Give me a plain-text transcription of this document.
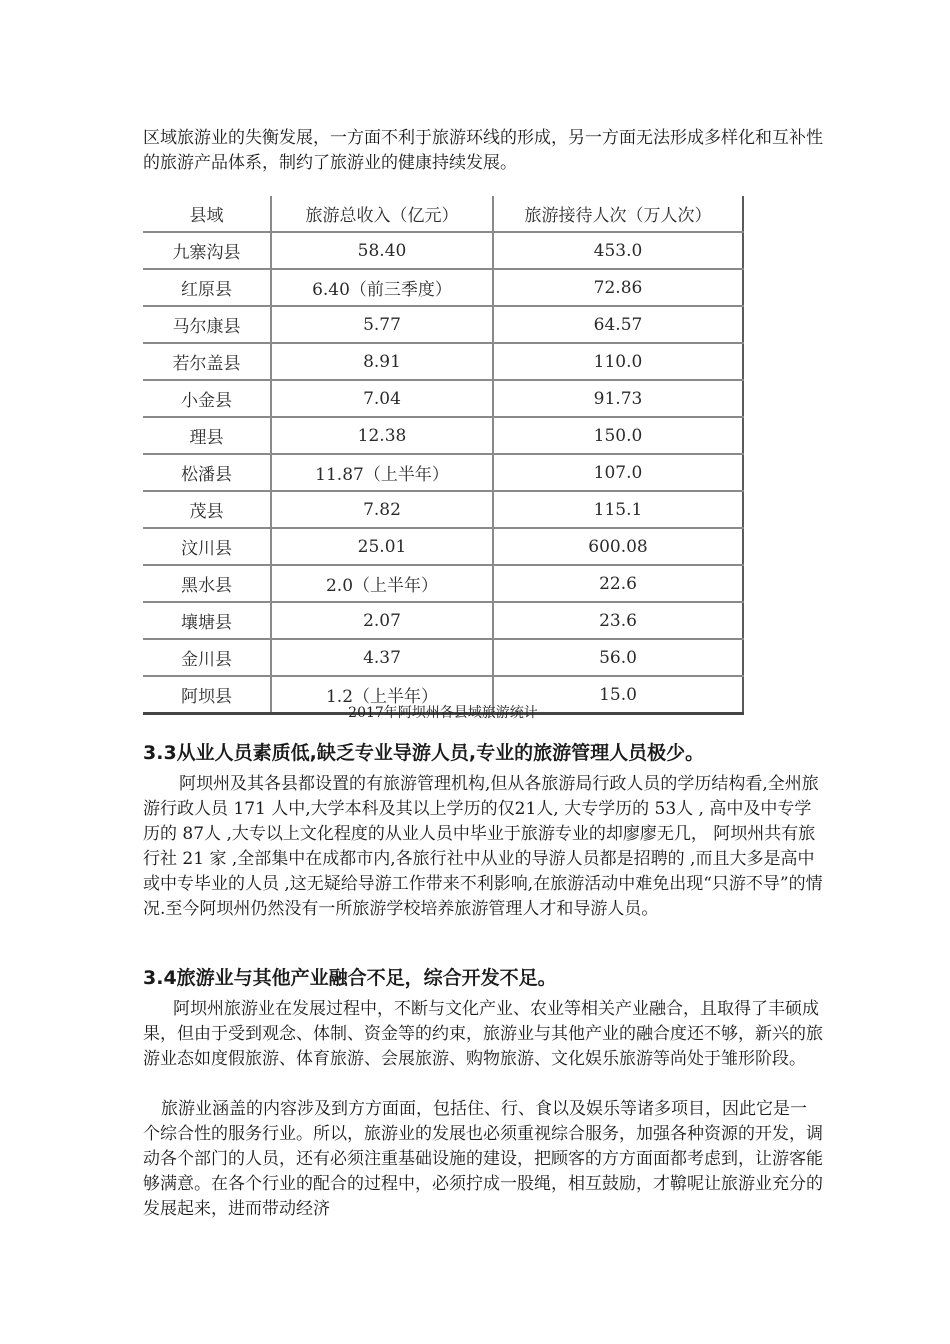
区域旅游业的失衡发展，一方面不利于旅游环线的形成，另一方面无法形成多样化和互补性的旅游产品体系，制约了旅游业的健康持续发展。

县域	旅游总收入（亿元）	旅游接待人次（万人次）
九寨沟县	58.40	453.0
红原县	6.40（前三季度）	72.86
马尔康县	5.77	64.57
若尔盖县	8.91	110.0
小金县	7.04	91.73
理县	12.38	150.0
松潘县	11.87（上半年）	107.0
茂县	7.82	115.1
汶川县	25.01	600.08
黑水县	2.0（上半年）	22.6
壤塘县	2.07	23.6
金川县	4.37	56.0
阿坝县	1.2（上半年）	15.0
2017年阿坝州各县域旅游统计
3.3从业人员素质低,缺乏专业导游人员,专业的旅游管理人员极少。

阿坝州及其各县都设置的有旅游管理机构,但从各旅游局行政人员的学历结构看,全州旅游行政人员 171 人中,大学本科及其以上学历的仅21人, 大专学历的 53人 , 高中及中专学历的 87人 ,大专以上文化程度的从业人员中毕业于旅游专业的却廖廖无几， 阿坝州共有旅行社 21 家 ,全部集中在成都市内,各旅行社中从业的导游人员都是招聘的 ,而且大多是高中或中专毕业的人员 ,这无疑给导游工作带来不利影响,在旅游活动中难免出现“只游不导”的情况.至今阿坝州仍然没有一所旅游学校培养旅游管理人才和导游人员。

3.4旅游业与其他产业融合不足，综合开发不足。

阿坝州旅游业在发展过程中，不断与文化产业、农业等相关产业融合，且取得了丰硕成果，但由于受到观念、体制、资金等的约束，旅游业与其他产业的融合度还不够，新兴的旅游业态如度假旅游、体育旅游、会展旅游、购物旅游、文化娱乐旅游等尚处于雏形阶段。

旅游业涵盖的内容涉及到方方面面，包括住、行、食以及娱乐等诸多项目，因此它是一个综合性的服务行业。所以，旅游业的发展也必须重视综合服务，加强各种资源的开发，调动各个部门的人员，还有必须注重基础设施的建设，把顾客的方方面面都考虑到，让游客能够满意。在各个行业的配合的过程中，必须拧成一股绳，相互鼓励，才鞥呢让旅游业充分的发展起来，进而带动经济
